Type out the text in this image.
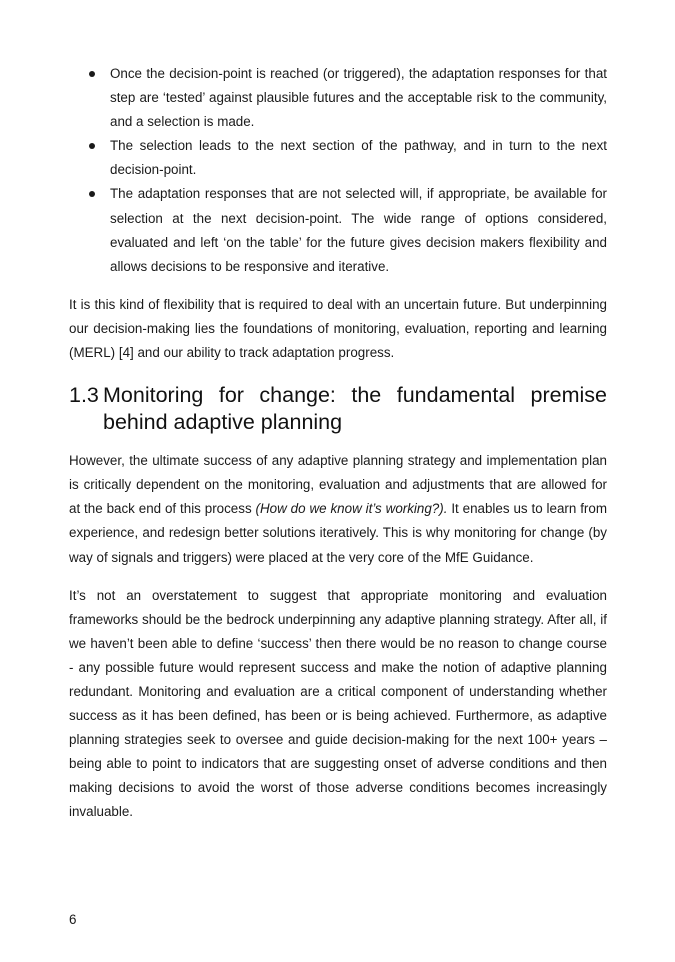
Once the decision-point is reached (or triggered), the adaptation responses for that step are ‘tested’ against plausible futures and the acceptable risk to the community, and a selection is made.
The selection leads to the next section of the pathway, and in turn to the next decision-point.
The adaptation responses that are not selected will, if appropriate, be available for selection at the next decision-point. The wide range of options considered, evaluated and left ‘on the table’ for the future gives decision makers flexibility and allows decisions to be responsive and iterative.

It is this kind of flexibility that is required to deal with an uncertain future. But underpinning our decision-making lies the foundations of monitoring, evaluation, reporting and learning (MERL) [4] and our ability to track adaptation progress.

1.3 Monitoring for change: the fundamental premise behind adaptive planning

However, the ultimate success of any adaptive planning strategy and implementation plan is critically dependent on the monitoring, evaluation and adjustments that are allowed for at the back end of this process (How do we know it’s working?). It enables us to learn from experience, and redesign better solutions iteratively. This is why monitoring for change (by way of signals and triggers) were placed at the very core of the MfE Guidance.

It’s not an overstatement to suggest that appropriate monitoring and evaluation frameworks should be the bedrock underpinning any adaptive planning strategy. After all, if we haven’t been able to define ‘success’ then there would be no reason to change course - any possible future would represent success and make the notion of adaptive planning redundant. Monitoring and evaluation are a critical component of understanding whether success as it has been defined, has been or is being achieved. Furthermore, as adaptive planning strategies seek to oversee and guide decision-making for the next 100+ years – being able to point to indicators that are suggesting onset of adverse conditions and then making decisions to avoid the worst of those adverse conditions becomes increasingly invaluable.

6
